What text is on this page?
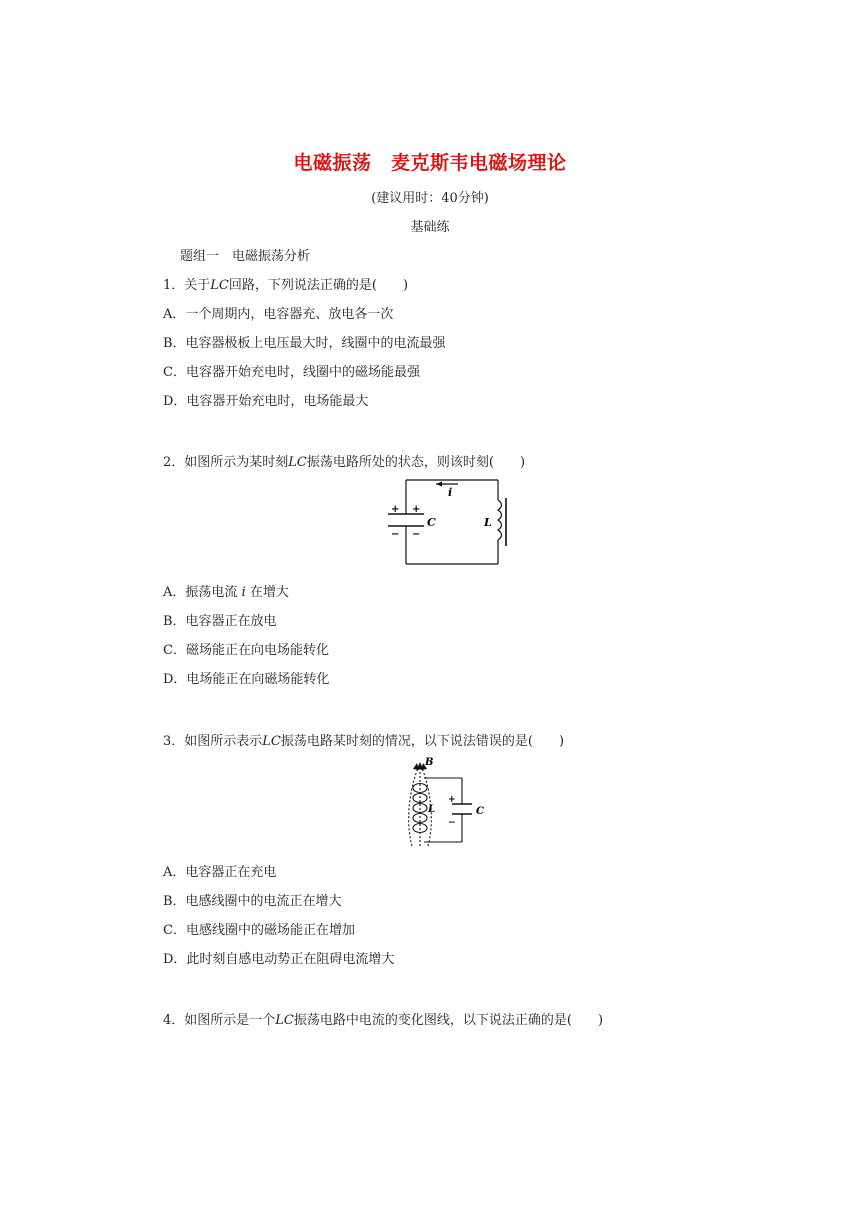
电磁振荡　麦克斯韦电磁场理论
(建议用时：40分钟)
基础练
题组一　电磁振荡分析
1．关于LC回路，下列说法正确的是(　　)
A．一个周期内，电容器充、放电各一次
B．电容器极板上电压最大时，线圈中的电流最强
C．电容器开始充电时，线圈中的磁场能最强
D．电容器开始充电时，电场能最大
2．如图所示为某时刻LC振荡电路所处的状态，则该时刻(　　)
i
+ +
− −
C	L
A．振荡电流 i 在增大
B．电容器正在放电
C．磁场能正在向电场能转化
D．电场能正在向磁场能转化
3．如图所示表示LC振荡电路某时刻的情况，以下说法错误的是(　　)
B
L	C
+
−
A．电容器正在充电
B．电感线圈中的电流正在增大
C．电感线圈中的磁场能正在增加
D．此时刻自感电动势正在阻碍电流增大
4．如图所示是一个LC振荡电路中电流的变化图线，以下说法正确的是(　　)
